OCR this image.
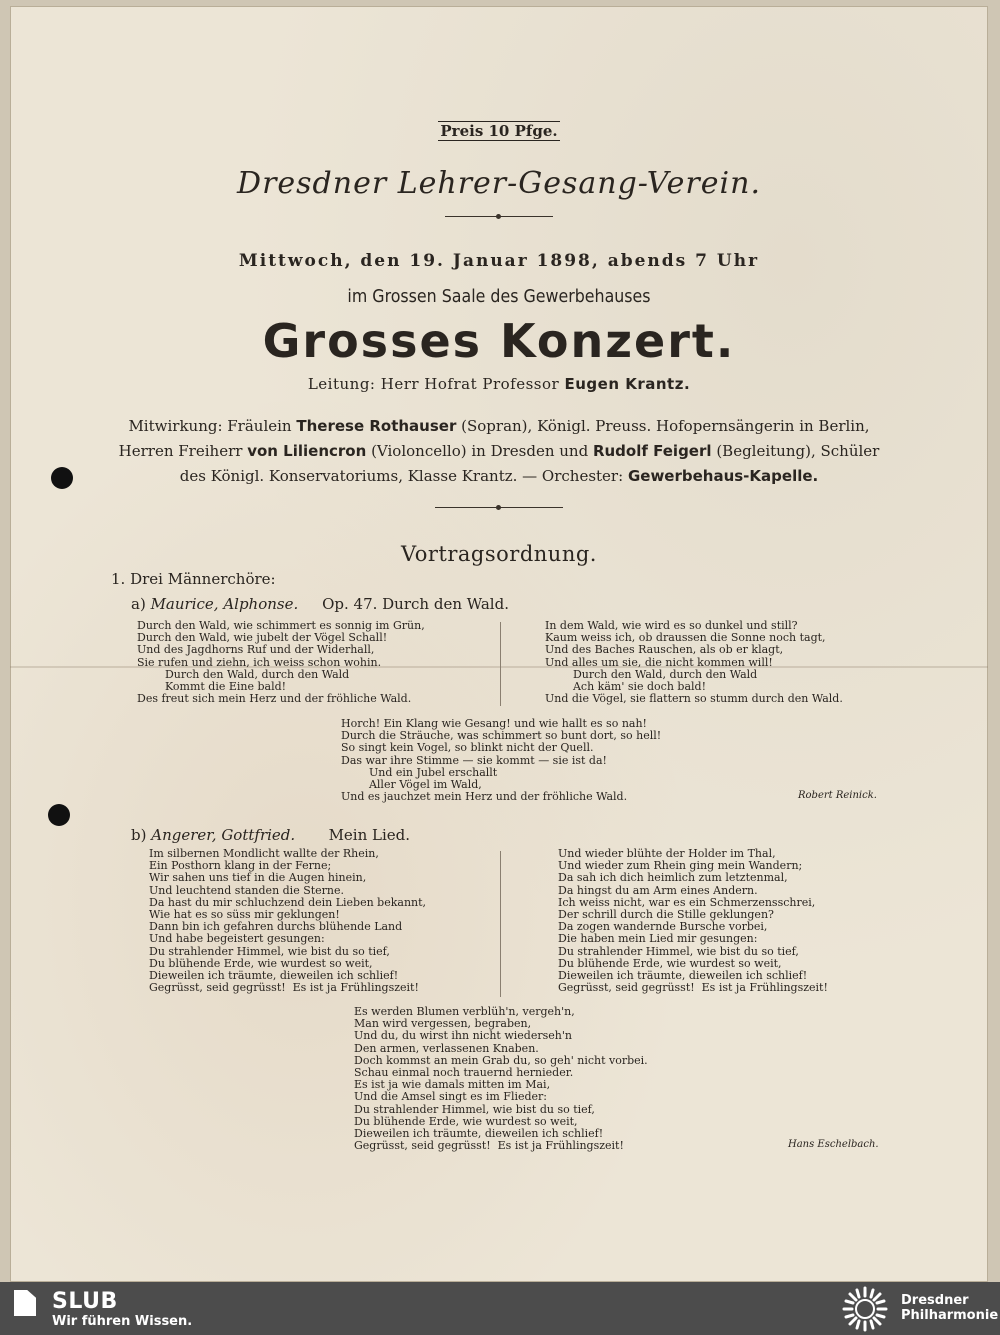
Preis 10 Pfge.
Dresdner Lehrer-Gesang-Verein.
Mittwoch, den 19. Januar 1898, abends 7 Uhr
im Grossen Saale des Gewerbehauses
Grosses Konzert.
Leitung: Herr Hofrat Professor Eugen Krantz.
Mitwirkung: Fräulein Therese Rothauser (Sopran), Königl. Preuss. Hofopernsängerin in Berlin,
Herren Freiherr von Liliencron (Violoncello) in Dresden und Rudolf Feigerl (Begleitung), Schüler
des Königl. Konservatoriums, Klasse Krantz. — Orchester: Gewerbehaus-Kapelle.
Vortragsordnung.
1. Drei Männerchöre:
a) Maurice, Alphonse. Op. 47. Durch den Wald.
Durch den Wald, wie schimmert es sonnig im Grün,
Durch den Wald, wie jubelt der Vögel Schall!
Und des Jagdhorns Ruf und der Widerhall,
Sie rufen und ziehn, ich weiss schon wohin.
Durch den Wald, durch den Wald
Kommt die Eine bald!
Des freut sich mein Herz und der fröhliche Wald.
In dem Wald, wie wird es so dunkel und still?
Kaum weiss ich, ob draussen die Sonne noch tagt,
Und des Baches Rauschen, als ob er klagt,
Und alles um sie, die nicht kommen will!
Durch den Wald, durch den Wald
Ach käm' sie doch bald!
Und die Vögel, sie flattern so stumm durch den Wald.
Horch! Ein Klang wie Gesang! und wie hallt es so nah!
Durch die Sträuche, was schimmert so bunt dort, so hell!
So singt kein Vogel, so blinkt nicht der Quell.
Das war ihre Stimme — sie kommt — sie ist da!
Und ein Jubel erschallt
Aller Vögel im Wald,
Und es jauchzet mein Herz und der fröhliche Wald.	Robert Reinick.
b) Angerer, Gottfried. Mein Lied.
Im silbernen Mondlicht wallte der Rhein,
Ein Posthorn klang in der Ferne;
Wir sahen uns tief in die Augen hinein,
Und leuchtend standen die Sterne.
Da hast du mir schluchzend dein Lieben bekannt,
Wie hat es so süss mir geklungen!
Dann bin ich gefahren durchs blühende Land
Und habe begeistert gesungen:
Du strahlender Himmel, wie bist du so tief,
Du blühende Erde, wie wurdest so weit,
Dieweilen ich träumte, dieweilen ich schlief!
Gegrüsst, seid gegrüsst!  Es ist ja Frühlingszeit!
Und wieder blühte der Holder im Thal,
Und wieder zum Rhein ging mein Wandern;
Da sah ich dich heimlich zum letztenmal,
Da hingst du am Arm eines Andern.
Ich weiss nicht, war es ein Schmerzensschrei,
Der schrill durch die Stille geklungen?
Da zogen wandernde Bursche vorbei,
Die haben mein Lied mir gesungen:
Du strahlender Himmel, wie bist du so tief,
Du blühende Erde, wie wurdest so weit,
Dieweilen ich träumte, dieweilen ich schlief!
Gegrüsst, seid gegrüsst!  Es ist ja Frühlingszeit!
Es werden Blumen verblüh'n, vergeh'n,
Man wird vergessen, begraben,
Und du, du wirst ihn nicht wiederseh'n
Den armen, verlassenen Knaben.
Doch kommst an mein Grab du, so geh' nicht vorbei.
Schau einmal noch trauernd hernieder.
Es ist ja wie damals mitten im Mai,
Und die Amsel singt es im Flieder:
Du strahlender Himmel, wie bist du so tief,
Du blühende Erde, wie wurdest so weit,
Dieweilen ich träumte, dieweilen ich schlief!
Gegrüsst, seid gegrüsst!  Es ist ja Frühlingszeit!	Hans Eschelbach.
SLUB
Wir führen Wissen.
Dresdner
Philharmonie
